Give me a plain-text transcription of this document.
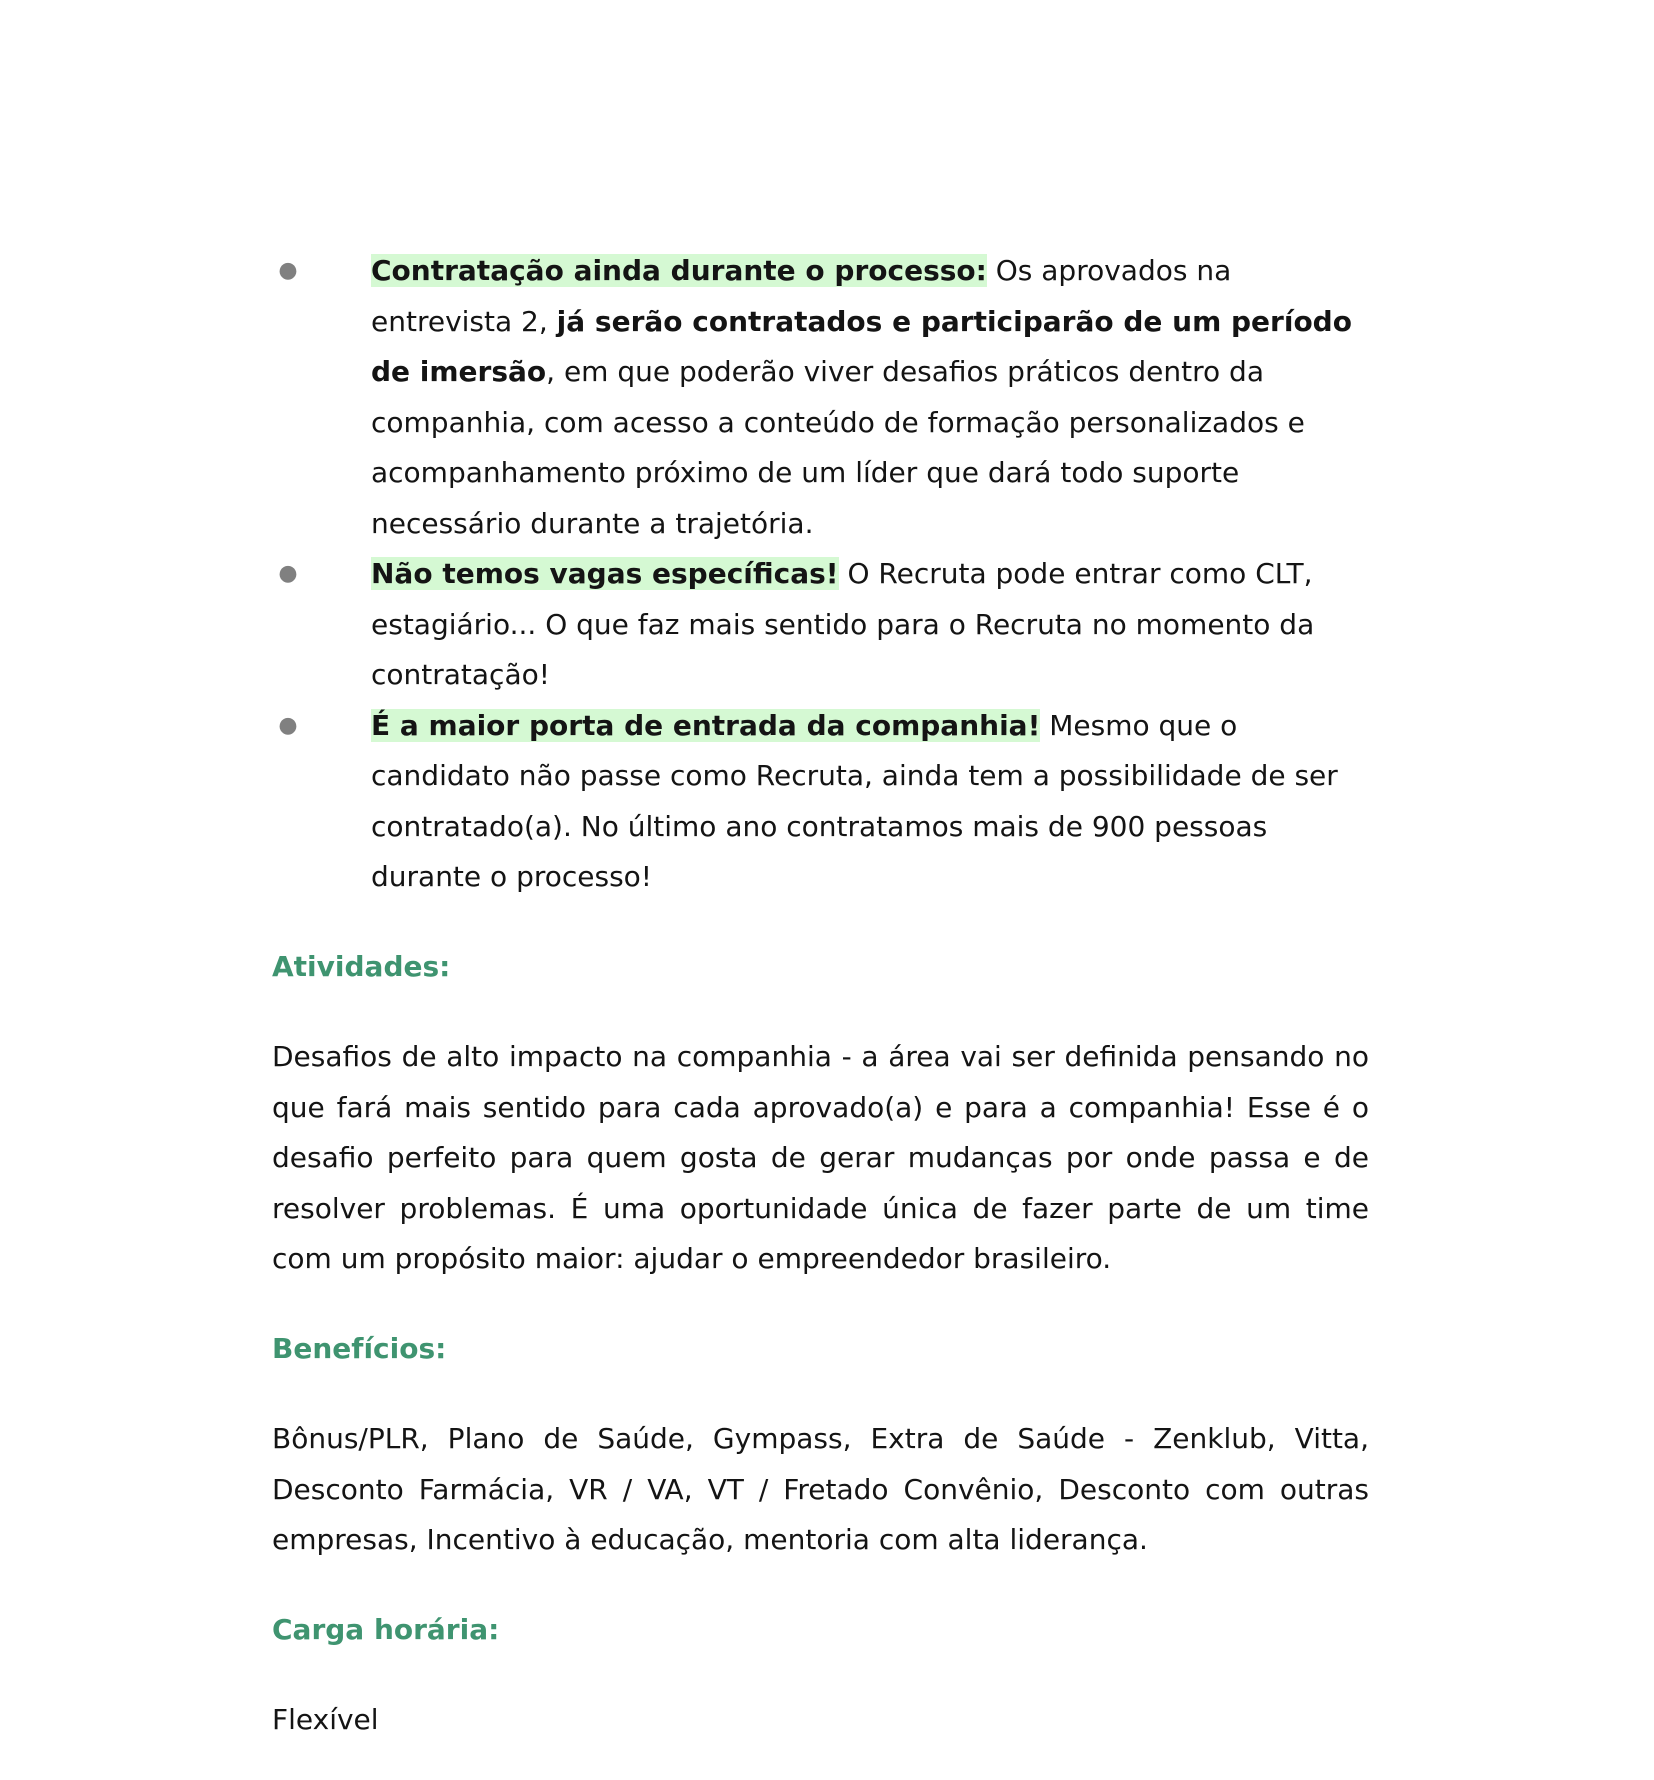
●	Contratação ainda durante o processo: Os aprovados na entrevista 2, já serão contratados e participarão de um período de imersão, em que poderão viver desafios práticos dentro da companhia, com acesso a conteúdo de formação personalizados e acompanhamento próximo de um líder que dará todo suporte necessário durante a trajetória.
●	Não temos vagas específicas! O Recruta pode entrar como CLT, estagiário... O que faz mais sentido para o Recruta no momento da contratação!
●	É a maior porta de entrada da companhia! Mesmo que o candidato não passe como Recruta, ainda tem a possibilidade de ser contratado(a). No último ano contratamos mais de 900 pessoas durante o processo!
Atividades:

Desafios de alto impacto na companhia - a área vai ser definida pensando no que fará mais sentido para cada aprovado(a) e para a companhia! Esse é o desafio perfeito para quem gosta de gerar mudanças por onde passa e de resolver problemas. É uma oportunidade única de fazer parte de um time com um propósito maior: ajudar o empreendedor brasileiro.

Benefícios:

Bônus/PLR, Plano de Saúde, Gympass, Extra de Saúde - Zenklub, Vitta, Desconto Farmácia, VR / VA, VT / Fretado Convênio, Desconto com outras empresas, Incentivo à educação, mentoria com alta liderança.

Carga horária:

Flexível
